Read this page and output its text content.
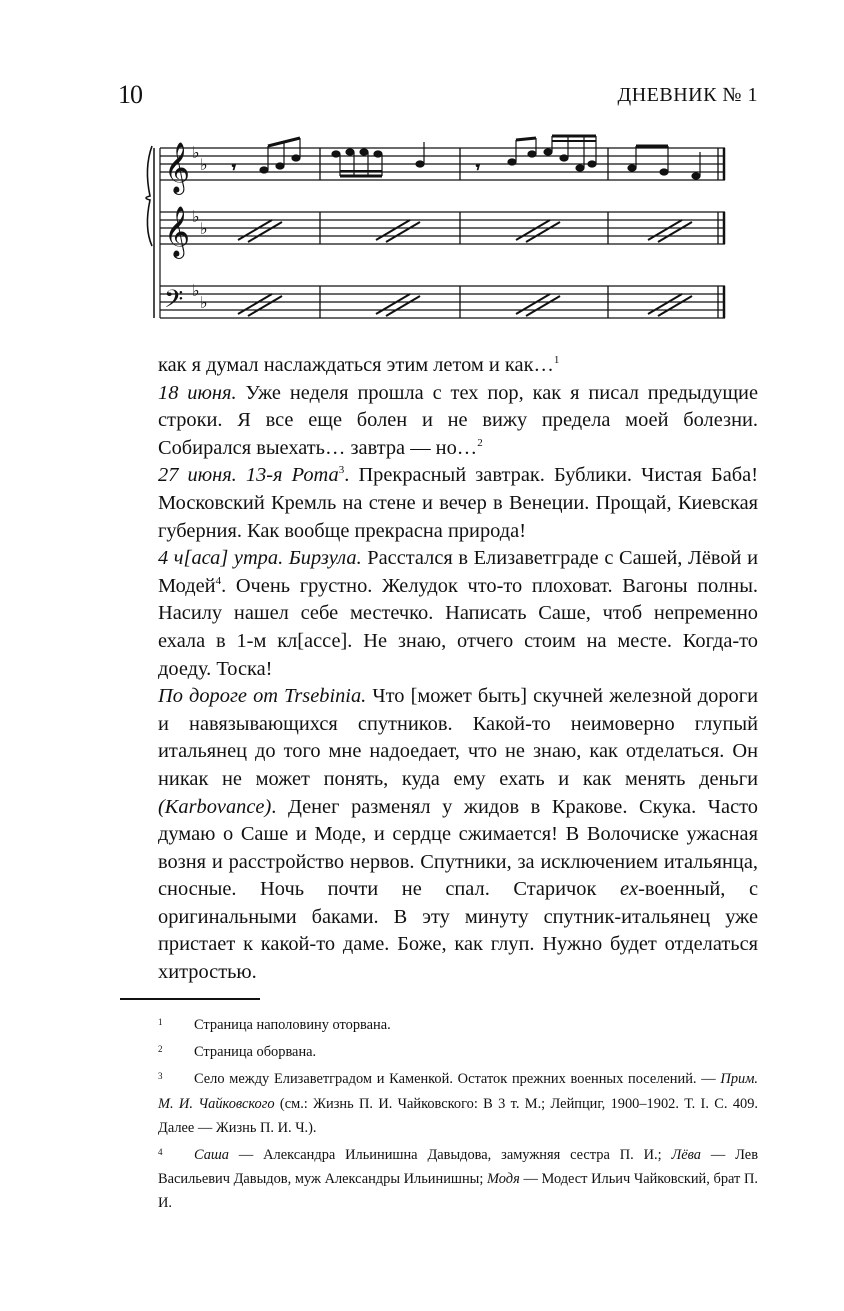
10	ДНЕВНИК № 1
𝄞
𝄞
𝄢
♭
♭
♭
♭
♭
♭
𝄾	𝄾

как я думал наслаждаться этим летом и как…$^1$

18 июня. Уже неделя прошла с тех пор, как я писал предыдущие строки. Я все еще болен и не вижу предела моей болезни. Собирался выехать… завтра — но…$^2$

27 июня. 13-я Рота$^3$. Прекрасный завтрак. Бублики. Чистая Баба! Московский Кремль на стене и вечер в Венеции. Прощай, Киевская губерния. Как вообще прекрасна природа!

4 ч[аса] утра. Бирзула. Расстался в Елизаветграде с Сашей, Лёвой и Модей$^4$. Очень грустно. Желудок что-то плоховат. Вагоны полны. Насилу нашел себе местечко. Написать Саше, чтоб непременно ехала в 1-м кл[ассе]. Не знаю, отчего стоим на месте. Когда-то доеду. Тоска!

По дороге от Trsebinia. Что [может быть] скучней железной дороги и навязывающихся спутников. Какой-то неимоверно глупый итальянец до того мне надоедает, что не знаю, как отделаться. Он никак не может понять, куда ему ехать и как менять деньги (Karbovance). Денег разменял у жидов в Кракове. Скука. Часто думаю о Саше и Моде, и сердце сжимается! В Волочиске ужасная возня и расстройство нервов. Спутники, за исключением итальянца, сносные. Ночь почти не спал. Старичок ex-военный, с оригинальными баками. В эту минуту спутник-итальянец уже пристает к какой-то даме. Боже, как глуп. Нужно будет отделаться хитростью.

1 Страница наполовину оторвана.

2 Страница оборвана.

3 Село между Елизаветградом и Каменкой. Остаток прежних военных поселений. — Прим. М. И. Чайковского (см.: Жизнь П. И. Чайковского: В 3 т. М.; Лейпциг, 1900–1902. Т. I. С. 409. Далее — Жизнь П. И. Ч.).

4 Саша — Александра Ильинишна Давыдова, замужняя сестра П. И.; Лёва — Лев Васильевич Давыдов, муж Александры Ильинишны; Модя — Модест Ильич Чайковский, брат П. И.
